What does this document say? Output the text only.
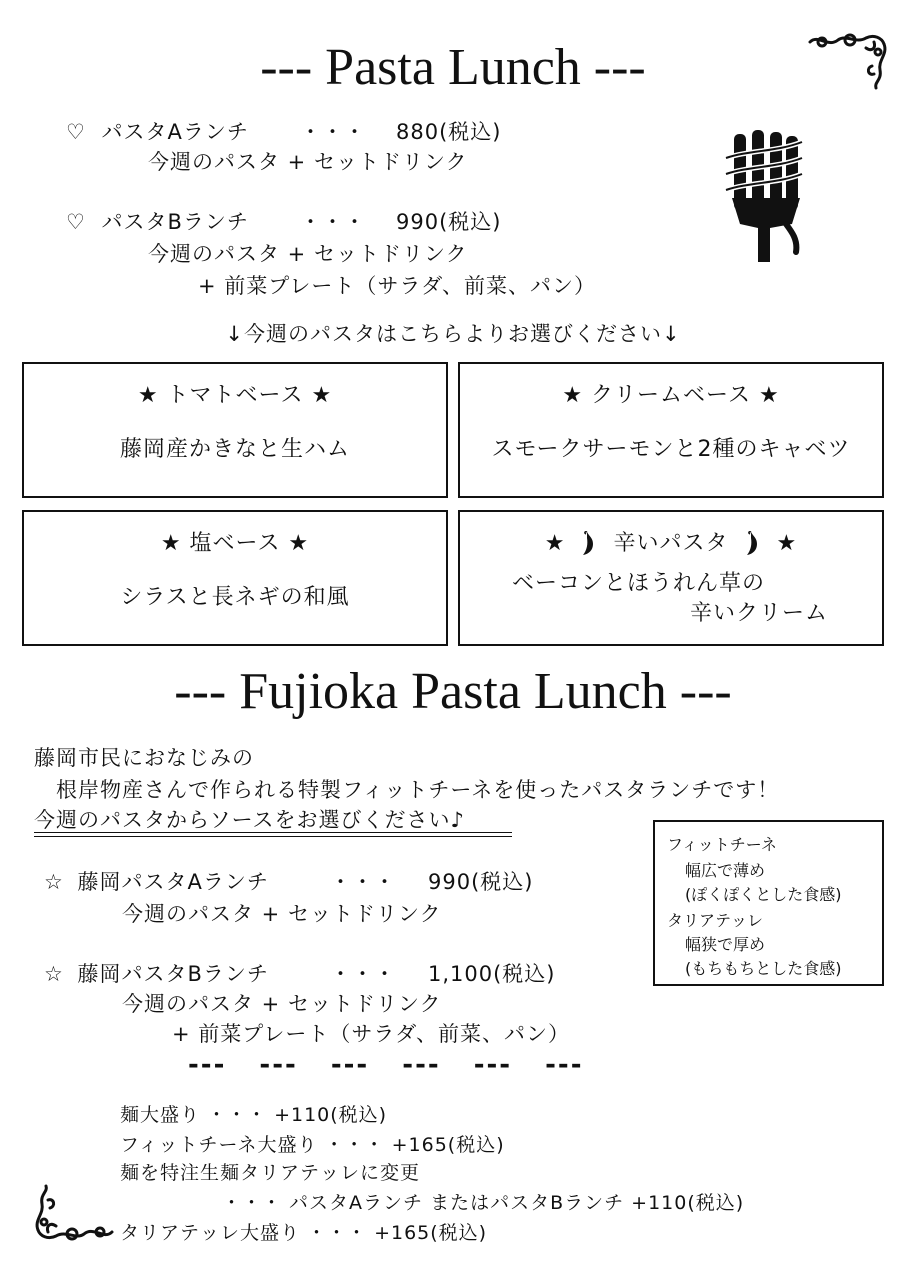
--- Pasta Lunch ---
♡ パスタAランチ ・・・ 880(税込)
今週のパスタ + セットドリンク
♡ パスタBランチ ・・・ 990(税込)
今週のパスタ + セットドリンク
+ 前菜プレート（サラダ、前菜、パン）
↓今週のパスタはこちらよりお選びください↓
★ トマトベース ★
藤岡産かきなと生ハム
★ クリームベース ★
スモークサーモンと2種のキャベツ
★ 塩ベース ★
シラスと長ネギの和風
★ 辛いパスタ ★
ベーコンとほうれん草の
辛いクリーム
--- Fujioka Pasta Lunch ---
藤岡市民におなじみの
根岸物産さんで作られる特製フィットチーネを使ったパスタランチです！
今週のパスタからソースをお選びください♪
フィットチーネ
幅広で薄め
(ぽくぽくとした食感)
タリアテッレ
幅狭で厚め
(もちもちとした食感)
☆ 藤岡パスタAランチ	・・・ 990(税込)
今週のパスタ + セットドリンク
☆ 藤岡パスタBランチ	・・・ 1,100(税込)
今週のパスタ + セットドリンク
+ 前菜プレート（サラダ、前菜、パン）
--- --- --- --- --- ---
麺大盛り ・・・ +110(税込)
フィットチーネ大盛り ・・・ +165(税込)
麺を特注生麺タリアテッレに変更
・・・ パスタAランチ またはパスタBランチ +110(税込)
タリアテッレ大盛り ・・・ +165(税込)
